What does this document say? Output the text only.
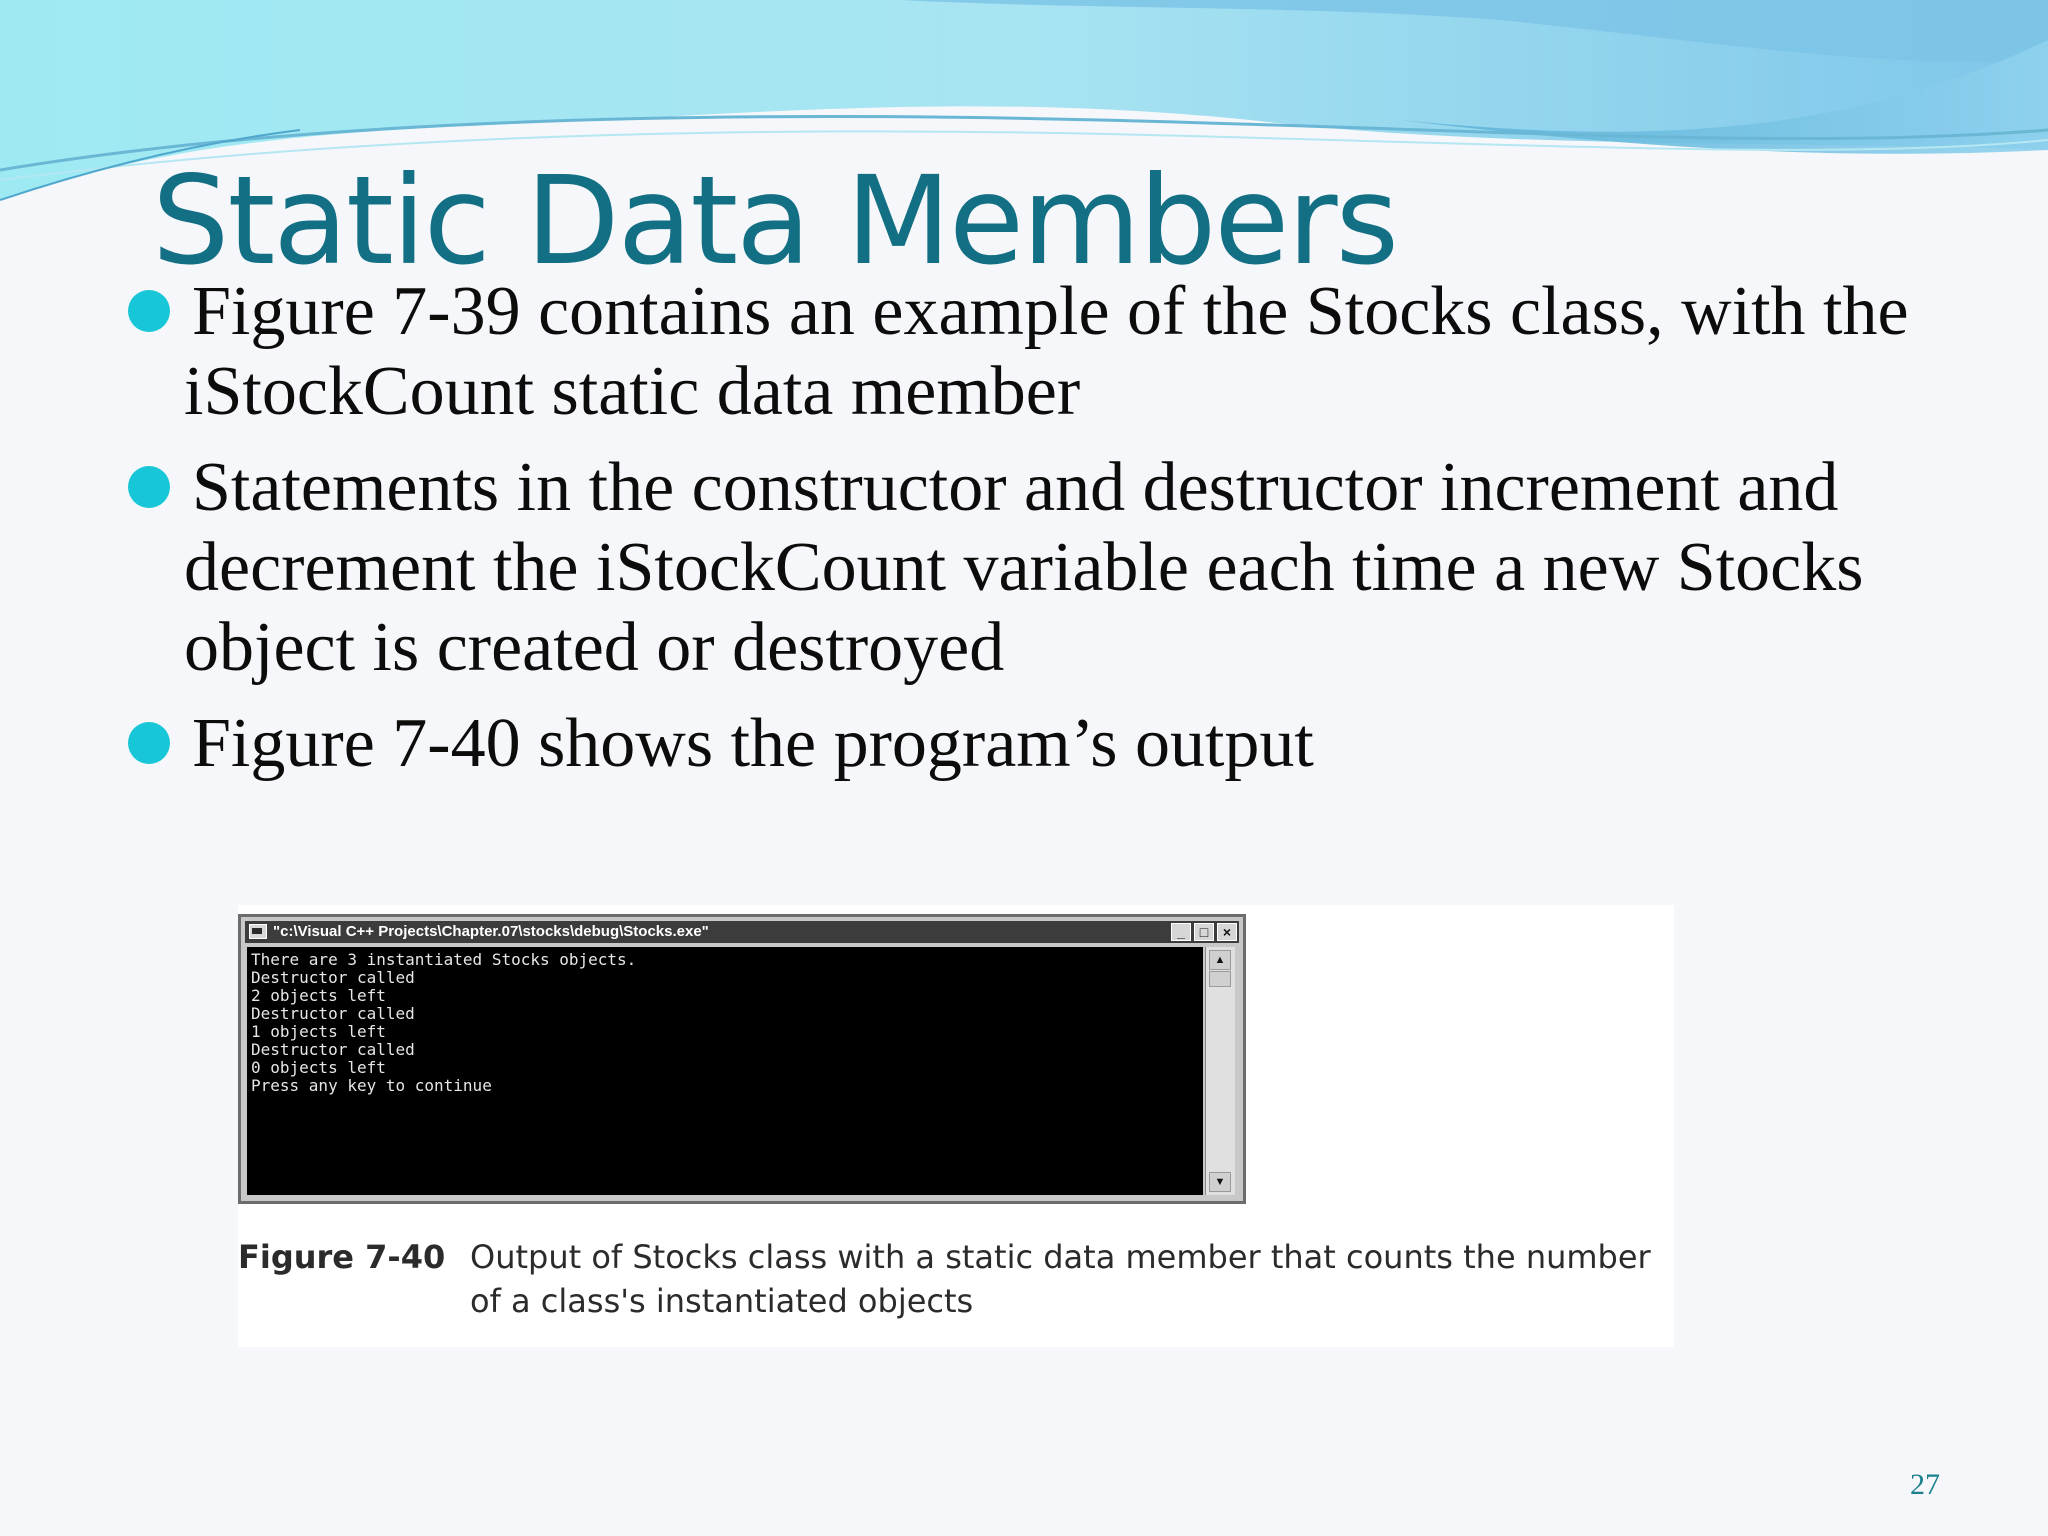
Static Data Members
Figure 7-39 contains an example of the Stocks class, with the iStockCount static data member
Statements in the constructor and destructor increment and decrement the iStockCount variable each time a new Stocks object is created or destroyed
Figure 7-40 shows the program’s output
"c:\Visual C++ Projects\Chapter.07\stocks\debug\Stocks.exe"	_	□	×
There are 3 instantiated Stocks objects.
Destructor called
2 objects left
Destructor called
1 objects left
Destructor called
0 objects left
Press any key to continue
▲
▼
Figure 7-40 Output of Stocks class with a static data member that counts the number of a class's instantiated objects
27
